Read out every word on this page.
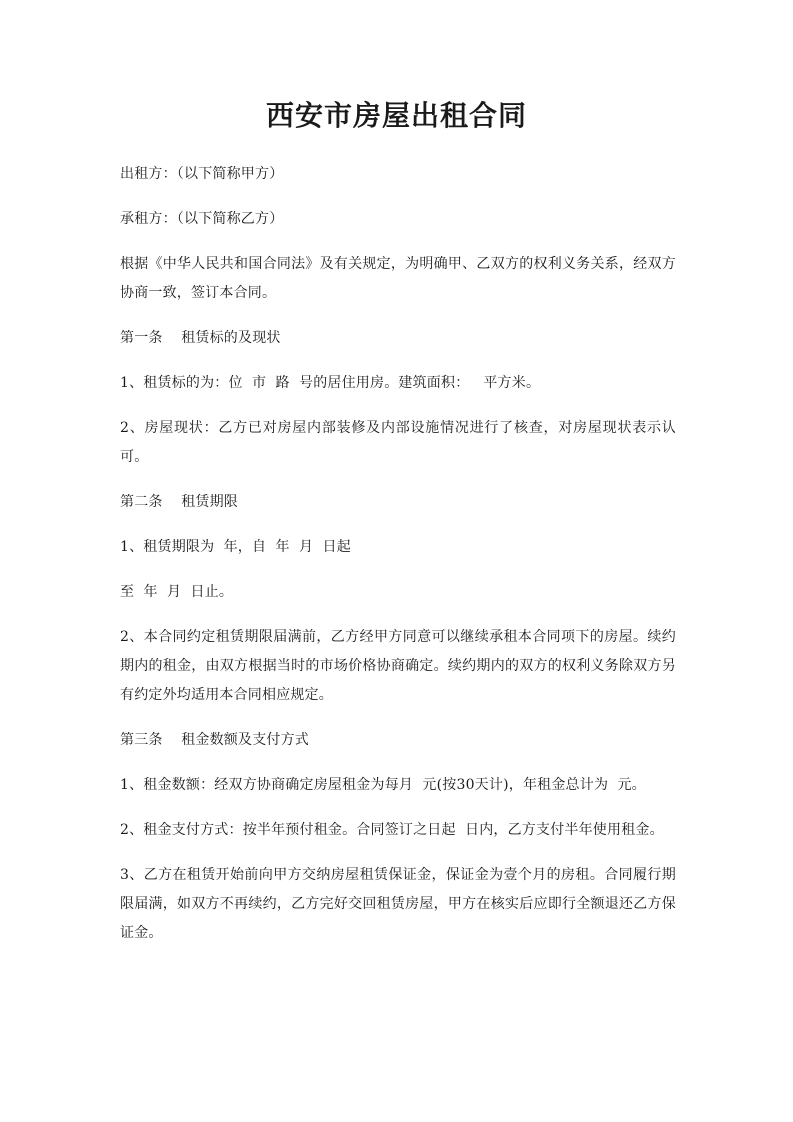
西安市房屋出租合同

出租方：（以下简称甲方）

承租方：（以下简称乙方）

根据《中华人民共和国合同法》及有关规定，为明确甲、乙双方的权利义务关系，经双方协商一致，签订本合同。

第一条    租赁标的及现状

1、租赁标的为：位  市  路  号的居住用房。建筑面积：   平方米。

2、房屋现状：乙方已对房屋内部装修及内部设施情况进行了核查，对房屋现状表示认可。

第二条    租赁期限

1、租赁期限为  年，自  年  月  日起

至  年  月  日止。

2、本合同约定租赁期限届满前，乙方经甲方同意可以继续承租本合同项下的房屋。续约期内的租金，由双方根据当时的市场价格协商确定。续约期内的双方的权利义务除双方另有约定外均适用本合同相应规定。

第三条    租金数额及支付方式

1、租金数额：经双方协商确定房屋租金为每月  元(按30天计)，年租金总计为  元。

2、租金支付方式：按半年预付租金。合同签订之日起  日内，乙方支付半年使用租金。

3、乙方在租赁开始前向甲方交纳房屋租赁保证金，保证金为壹个月的房租。合同履行期限届满，如双方不再续约，乙方完好交回租赁房屋，甲方在核实后应即行全额退还乙方保证金。
